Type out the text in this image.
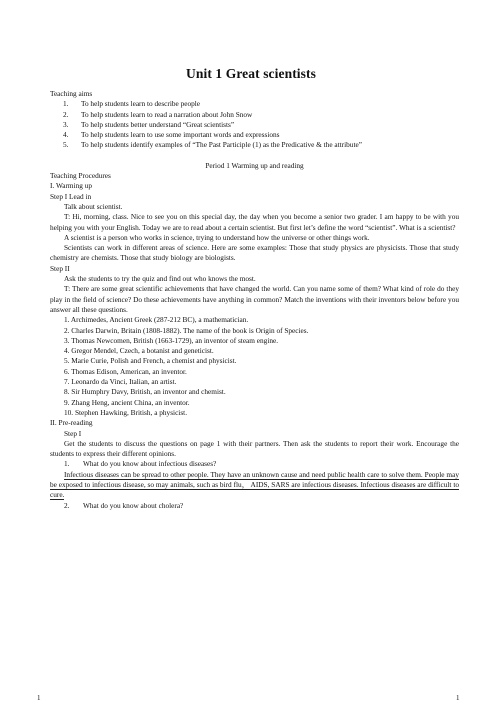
Unit 1 Great scientists

Teaching aims

1.	To help students learn to describe people
2.	To help students learn to read a narration about John Snow
3.	To help students better understand “Great scientists”
4.	To help students learn to use some important words and expressions
5.	To help students identify examples of “The Past Participle (1) as the Predicative & the attribute”

Period 1 Warming up and reading

Teaching Procedures

I. Warming up

Step I Lead in

Talk about scientist.

T: Hi, morning, class. Nice to see you on this special day, the day when you become a senior two grader. I am happy to be with you helping you with your English. Today we are to read about a certain scientist. But first let’s define the word “scientist”. What is a scientist?

A scientist is a person who works in science, trying to understand how the universe or other things work.

Scientists can work in different areas of science. Here are some examples: Those that study physics are physicists. Those that study chemistry are chemists. Those that study biology are biologists.

Step II

Ask the students to try the quiz and find out who knows the most.

T: There are some great scientific achievements that have changed the world. Can you name some of them? What kind of role do they play in the field of science? Do these achievements have anything in common? Match the inventions with their inventors below before you answer all these questions.

1. Archimedes, Ancient Greek (287-212 BC), a mathematician.

2. Charles Darwin, Britain (1808-1882). The name of the book is Origin of Species.

3. Thomas Newcomen, British (1663-1729), an inventor of steam engine.

4. Gregor Mendel, Czech, a botanist and geneticist.

5. Marie Curie, Polish and French, a chemist and physicist.

6. Thomas Edison, American, an inventor.

7. Leonardo da Vinci, Italian, an artist.

8. Sir Humphry Davy, British, an inventor and chemist.

9. Zhang Heng, ancient China, an inventor.

10. Stephen Hawking, British, a physicist.

II. Pre-reading

Step I

Get the students to discuss the questions on page 1 with their partners. Then ask the students to report their work. Encourage the students to express their different opinions.

1.	What do you know about infectious diseases?

Infectious diseases can be spread to other people. They have an unknown cause and need public health care to solve them. People may be exposed to infectious disease, so may animals, such as bird flu， AIDS, SARS are infectious diseases. Infectious diseases are difficult to cure.

2.	What do you know about cholera?
1	1
